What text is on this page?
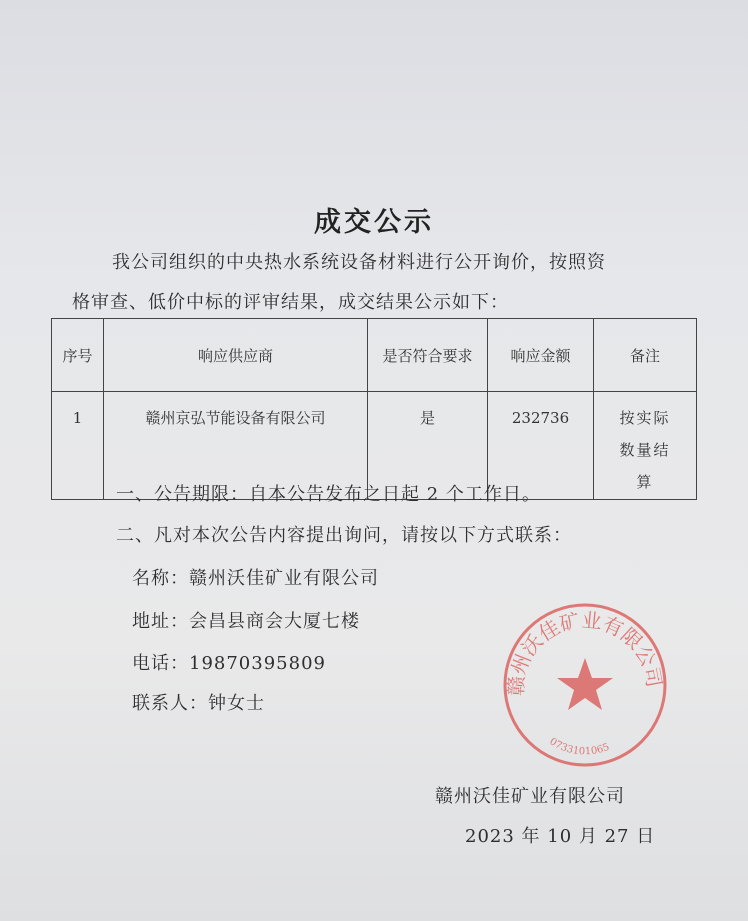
成交公示
我公司组织的中央热水系统设备材料进行公开询价，按照资
格审查、低价中标的评审结果，成交结果公示如下：
序号	响应供应商	是否符合要求	响应金额	备注
1	赣州京弘节能设备有限公司	是	232736	按实际数量结算
一、公告期限：自本公告发布之日起 2 个工作日。
二、凡对本次公告内容提出询问，请按以下方式联系：
名称：赣州沃佳矿业有限公司
地址：会昌县商会大厦七楼
电话：19870395809
联系人：钟女士
赣州沃佳矿业有限公司
0733101065
赣州沃佳矿业有限公司
2023 年 10 月 27 日
